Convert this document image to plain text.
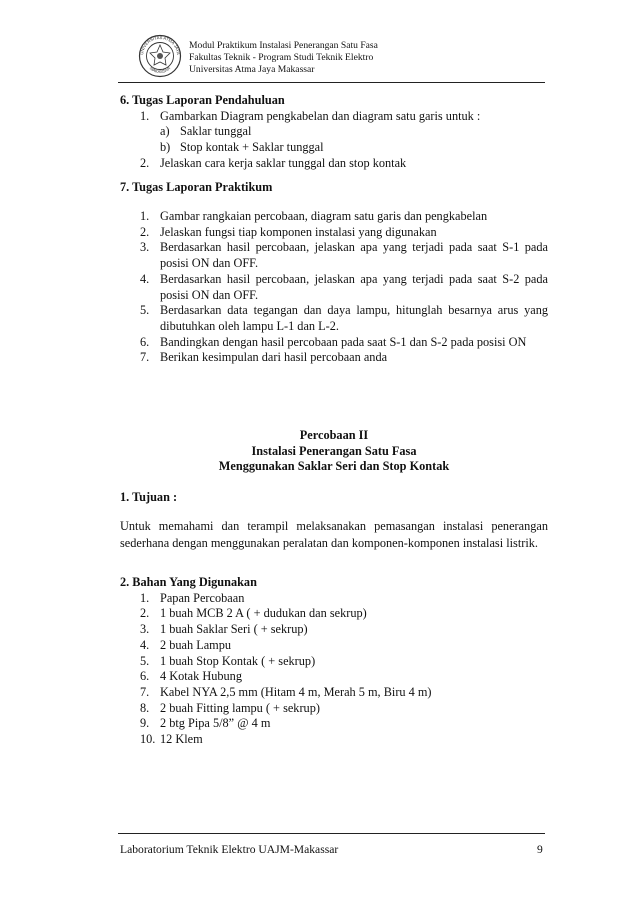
UNIVERSITAS ATMA JAYA
MAKASSAR
Modul Praktikum Instalasi Penerangan Satu Fasa
Fakultas Teknik - Program Studi Teknik Elektro
Universitas Atma Jaya Makassar
6. Tugas Laporan Pendahuluan
1. Gambarkan Diagram pengkabelan dan diagram satu garis untuk :
a) Saklar tunggal
b) Stop kontak + Saklar tunggal
2. Jelaskan cara kerja saklar tunggal dan stop kontak
7. Tugas Laporan Praktikum
1. Gambar rangkaian percobaan, diagram satu garis dan pengkabelan
2. Jelaskan fungsi tiap komponen instalasi yang digunakan
3. Berdasarkan hasil percobaan, jelaskan apa yang terjadi pada saat S-1 pada posisi ON dan OFF.
4. Berdasarkan hasil percobaan, jelaskan apa yang terjadi pada saat S-2 pada posisi ON dan OFF.
5. Berdasarkan data tegangan dan daya lampu, hitunglah besarnya arus yang dibutuhkan oleh lampu L-1 dan L-2.
6. Bandingkan dengan hasil percobaan pada saat S-1 dan S-2 pada posisi ON
7. Berikan kesimpulan dari hasil percobaan anda
Percobaan II
Instalasi Penerangan Satu Fasa
Menggunakan Saklar Seri dan Stop Kontak
1. Tujuan :
Untuk memahami dan terampil melaksanakan pemasangan instalasi penerangan sederhana dengan menggunakan peralatan dan komponen-komponen instalasi listrik.
2. Bahan Yang Digunakan
1. Papan Percobaan
2. 1 buah MCB 2 A ( + dudukan dan sekrup)
3. 1 buah Saklar Seri ( + sekrup)
4. 2 buah Lampu
5. 1 buah Stop Kontak ( + sekrup)
6. 4 Kotak Hubung
7. Kabel NYA 2,5 mm (Hitam 4 m, Merah 5 m, Biru 4 m)
8. 2 buah Fitting lampu ( + sekrup)
9. 2 btg Pipa 5/8” @ 4 m
10. 12 Klem
Laboratorium Teknik Elektro UAJM-Makassar	9
